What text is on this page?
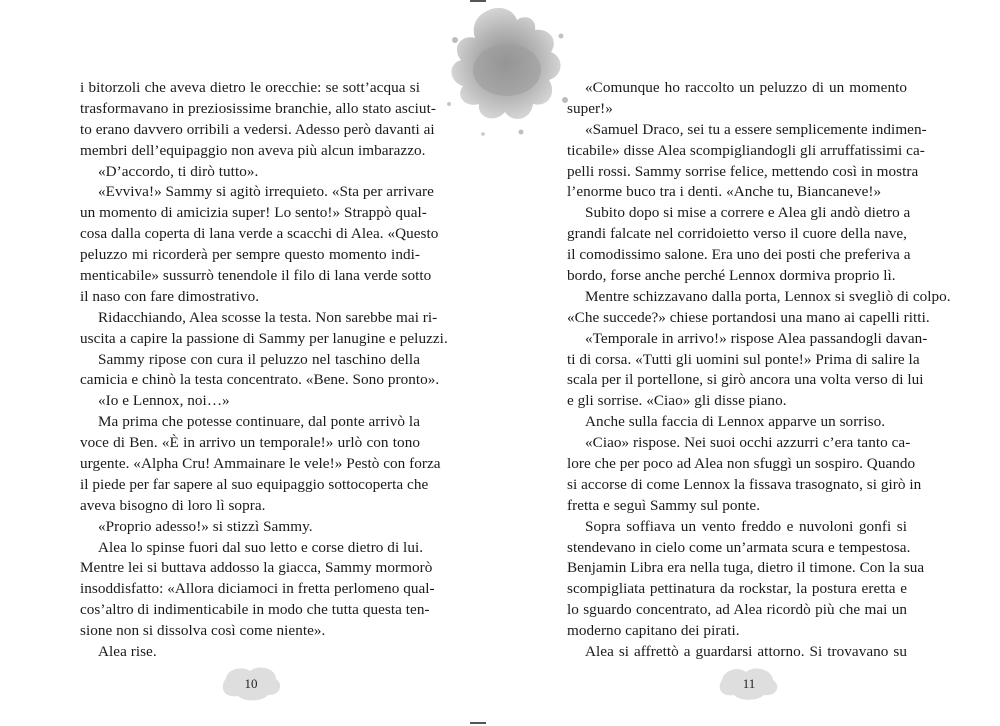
i bitorzoli che aveva dietro le orecchie: se sott’acqua si
trasformavano in preziosissime branchie, allo stato asciut-
to erano davvero orribili a vedersi. Adesso però davanti ai
membri dell’equipaggio non aveva più alcun imbarazzo.
«D’accordo, ti dirò tutto».
«Evviva!» Sammy si agitò irrequieto. «Sta per arrivare
un momento di amicizia super! Lo sento!» Strappò qual-
cosa dalla coperta di lana verde a scacchi di Alea. «Questo
peluzzo mi ricorderà per sempre questo momento indi-
menticabile» sussurrò tenendole il filo di lana verde sotto
il naso con fare dimostrativo.
Ridacchiando, Alea scosse la testa. Non sarebbe mai ri-
uscita a capire la passione di Sammy per lanugine e peluzzi.
Sammy ripose con cura il peluzzo nel taschino della
camicia e chinò la testa concentrato. «Bene. Sono pronto».
«Io e Lennox, noi…»
Ma prima che potesse continuare, dal ponte arrivò la
voce di Ben. «È in arrivo un temporale!» urlò con tono
urgente. «Alpha Cru! Ammainare le vele!» Pestò con forza
il piede per far sapere al suo equipaggio sottocoperta che
aveva bisogno di loro lì sopra.
«Proprio adesso!» si stizzì Sammy.
Alea lo spinse fuori dal suo letto e corse dietro di lui.
Mentre lei si buttava addosso la giacca, Sammy mormorò
insoddisfatto: «Allora diciamoci in fretta perlomeno qual-
cos’altro di indimenticabile in modo che tutta questa ten-
sione non si dissolva così come niente».
Alea rise.
«Comunque ho raccolto un peluzzo di un momento
super!»
«Samuel Draco, sei tu a essere semplicemente indimen-
ticabile» disse Alea scompigliandogli gli arruffatissimi ca-
pelli rossi. Sammy sorrise felice, mettendo così in mostra
l’enorme buco tra i denti. «Anche tu, Biancaneve!»
Subito dopo si mise a correre e Alea gli andò dietro a
grandi falcate nel corridoietto verso il cuore della nave,
il comodissimo salone. Era uno dei posti che preferiva a
bordo, forse anche perché Lennox dormiva proprio lì.
Mentre schizzavano dalla porta, Lennox si svegliò di colpo.
«Che succede?» chiese portandosi una mano ai capelli ritti.
«Temporale in arrivo!» rispose Alea passandogli davan-
ti di corsa. «Tutti gli uomini sul ponte!» Prima di salire la
scala per il portellone, si girò ancora una volta verso di lui
e gli sorrise. «Ciao» gli disse piano.
Anche sulla faccia di Lennox apparve un sorriso.
«Ciao» rispose. Nei suoi occhi azzurri c’era tanto ca-
lore che per poco ad Alea non sfuggì un sospiro. Quando
si accorse di come Lennox la fissava trasognato, si girò in
fretta e seguì Sammy sul ponte.
Sopra soffiava un vento freddo e nuvoloni gonfi si
stendevano in cielo come un’armata scura e tempestosa.
Benjamin Libra era nella tuga, dietro il timone. Con la sua
scompigliata pettinatura da rockstar, la postura eretta e
lo sguardo concentrato, ad Alea ricordò più che mai un
moderno capitano dei pirati.
Alea si affrettò a guardarsi attorno. Si trovavano su
10	11
